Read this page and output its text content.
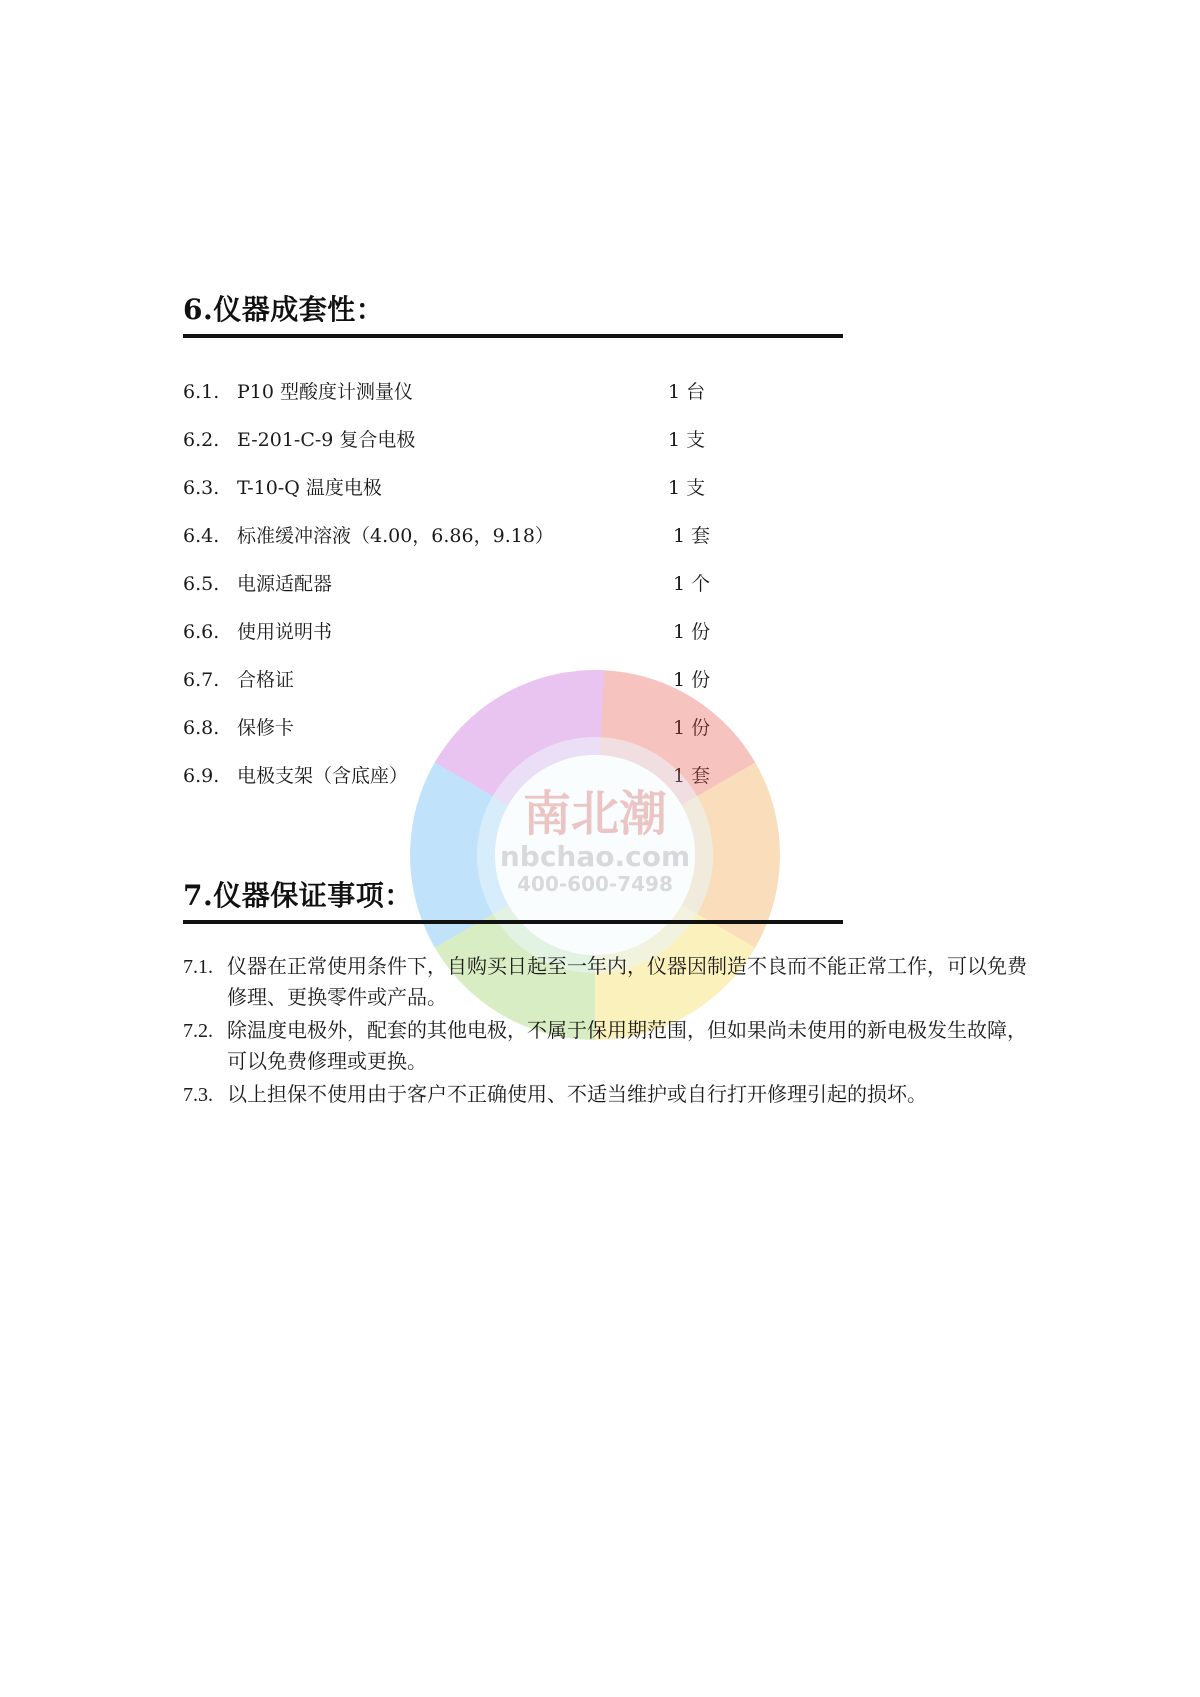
6.仪器成套性：
6.1. P10 型酸度计测量仪	1 台
6.2. E-201-C-9 复合电极	1 支
6.3. T-10-Q 温度电极	1 支
6.4. 标准缓冲溶液（4.00，6.86，9.18）	1 套
6.5. 电源适配器	1 个
6.6. 使用说明书	1 份
6.7. 合格证	1 份
6.8. 保修卡	1 份
6.9. 电极支架（含底座）	1 套
南北潮
nbchao.com
400-600-7498
7.仪器保证事项：
7.1. 仪器在正常使用条件下，自购买日起至一年内，仪器因制造不良而不能正常工作，可以免费修理、更换零件或产品。
7.2. 除温度电极外，配套的其他电极，不属于保用期范围，但如果尚未使用的新电极发生故障，可以免费修理或更换。
7.3. 以上担保不使用由于客户不正确使用、不适当维护或自行打开修理引起的损坏。
